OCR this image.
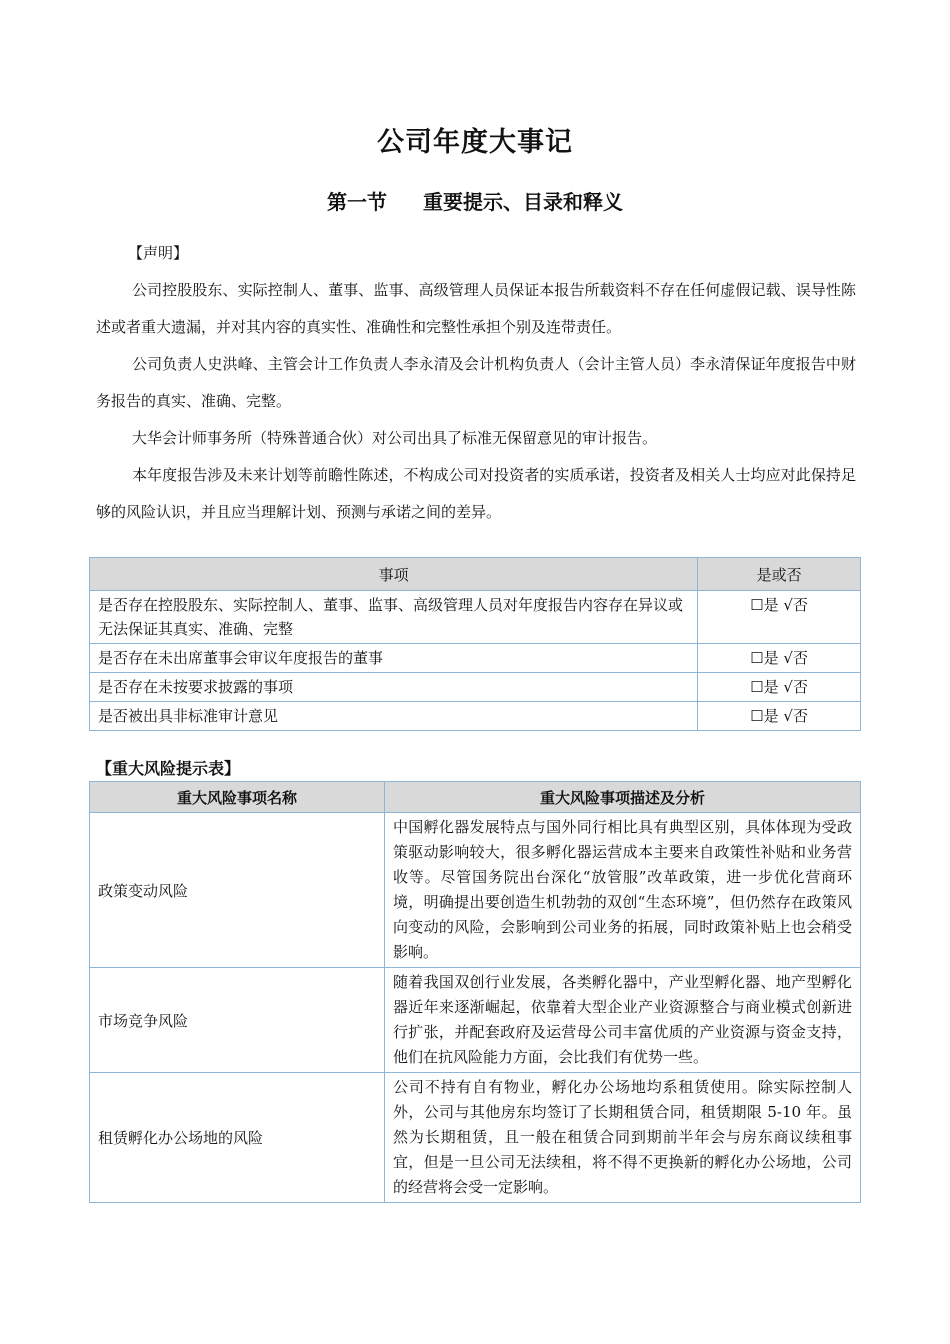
公司年度大事记
第一节 重要提示、目录和释义
【声明】
公司控股股东、实际控制人、董事、监事、高级管理人员保证本报告所载资料不存在任何虚假记载、误导性陈述或者重大遗漏，并对其内容的真实性、准确性和完整性承担个别及连带责任。
公司负责人史洪峰、主管会计工作负责人李永清及会计机构负责人（会计主管人员）李永清保证年度报告中财务报告的真实、准确、完整。
大华会计师事务所（特殊普通合伙）对公司出具了标准无保留意见的审计报告。
本年度报告涉及未来计划等前瞻性陈述，不构成公司对投资者的实质承诺，投资者及相关人士均应对此保持足够的风险认识，并且应当理解计划、预测与承诺之间的差异。
事项	是或否
是否存在控股股东、实际控制人、董事、监事、高级管理人员对年度报告内容存在异议或无法保证其真实、准确、完整	☐是 √否
是否存在未出席董事会审议年度报告的董事	☐是 √否
是否存在未按要求披露的事项	☐是 √否
是否被出具非标准审计意见	☐是 √否
【重大风险提示表】
重大风险事项名称	重大风险事项描述及分析
政策变动风险	中国孵化器发展特点与国外同行相比具有典型区别，具体体现为受政策驱动影响较大，很多孵化器运营成本主要来自政策性补贴和业务营收等。尽管国务院出台深化“放管服”改革政策，进一步优化营商环境，明确提出要创造生机勃勃的双创“生态环境”，但仍然存在政策风向变动的风险，会影响到公司业务的拓展，同时政策补贴上也会稍受影响。
市场竞争风险	随着我国双创行业发展，各类孵化器中，产业型孵化器、地产型孵化器近年来逐渐崛起，依靠着大型企业产业资源整合与商业模式创新进行扩张，并配套政府及运营母公司丰富优质的产业资源与资金支持，他们在抗风险能力方面，会比我们有优势一些。
租赁孵化办公场地的风险	公司不持有自有物业，孵化办公场地均系租赁使用。除实际控制人外，公司与其他房东均签订了长期租赁合同，租赁期限 5-10 年。虽然为长期租赁，且一般在租赁合同到期前半年会与房东商议续租事宜，但是一旦公司无法续租，将不得不更换新的孵化办公场地，公司的经营将会受一定影响。
